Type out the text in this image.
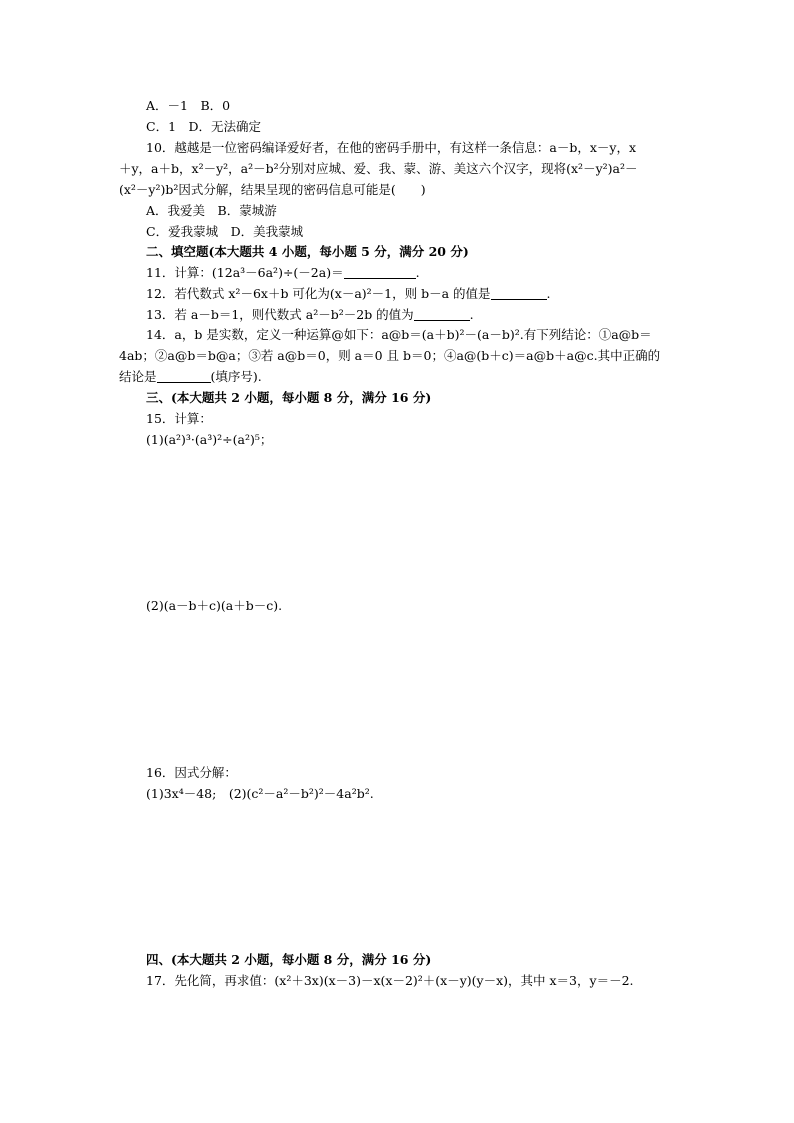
A．－1　B．0
C．1　D．无法确定
10．越越是一位密码编译爱好者，在他的密码手册中，有这样一条信息：a－b，x－y，x
＋y，a＋b，x²－y²，a²－b²分别对应城、爱、我、蒙、游、美这六个汉字，现将(x²－y²)a²－
(x²－y²)b²因式分解，结果呈现的密码信息可能是(　　)
A．我爱美　B．蒙城游
C．爱我蒙城　D．美我蒙城
二、填空题(本大题共 4 小题，每小题 5 分，满分 20 分)
11．计算：(12a³－6a²)÷(－2a)＝	.
12．若代数式 x²－6x＋b 可化为(x－a)²－1，则 b－a 的值是	.
13．若 a－b＝1，则代数式 a²－b²－2b 的值为	.
14．a，b 是实数，定义一种运算@如下：a@b＝(a＋b)²－(a－b)².有下列结论：①a@b＝
4ab；②a@b＝b@a；③若 a@b＝0，则 a＝0 且 b＝0；④a@(b＋c)＝a@b＋a@c.其中正确的
结论是	(填序号).
三、(本大题共 2 小题，每小题 8 分，满分 16 分)
15．计算：
(1)(a²)³·(a³)²÷(a²)⁵；
(2)(a－b＋c)(a＋b－c).
16．因式分解：
(1)3x⁴－48;　(2)(c²－a²－b²)²－4a²b².
四、(本大题共 2 小题，每小题 8 分，满分 16 分)
17．先化简，再求值：(x²＋3x)(x－3)－x(x－2)²＋(x－y)(y－x)，其中 x＝3，y＝－2.
